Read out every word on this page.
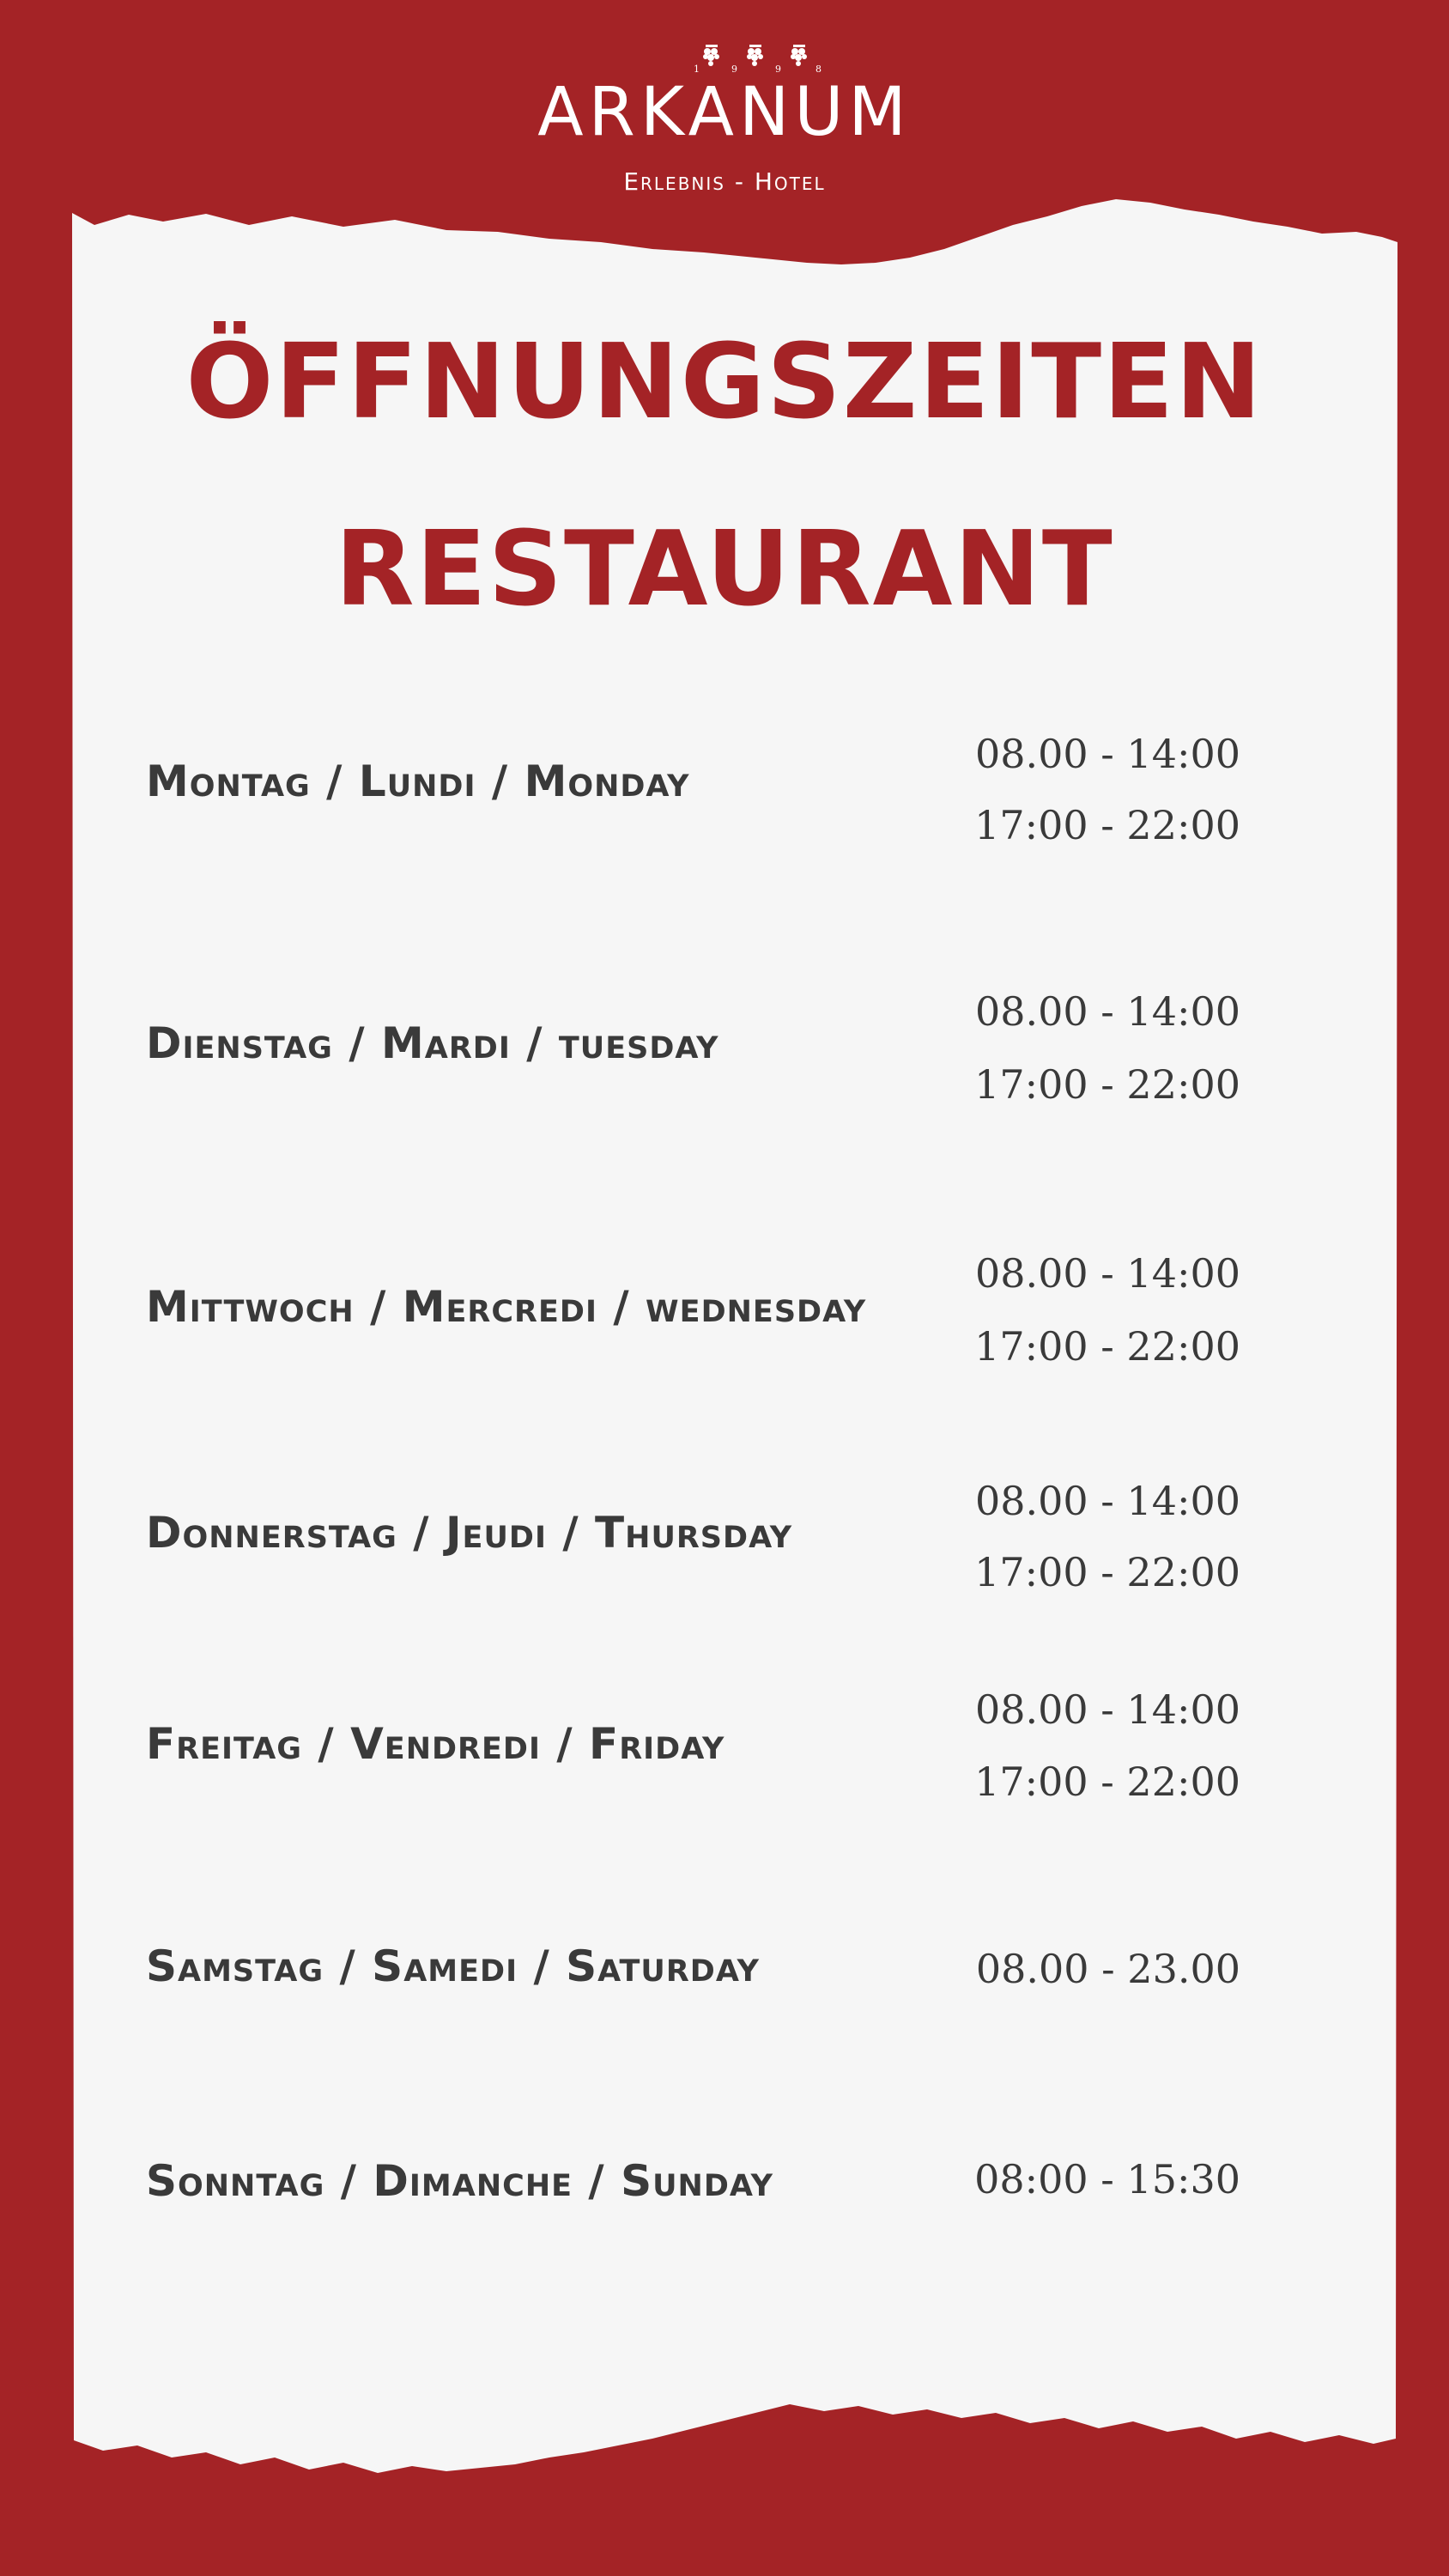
1	9	9	8
ARKANUM
Erlebnis - Hotel
ÖFFNUNGSZEITEN
RESTAURANT
Montag / Lundi / Monday
08.00 - 14:00
17:00 - 22:00
Dienstag / Mardi / tuesday
08.00 - 14:00
17:00 - 22:00
Mittwoch / Mercredi / wednesday
08.00 - 14:00
17:00 - 22:00
Donnerstag / Jeudi / Thursday
08.00 - 14:00
17:00 - 22:00
Freitag / Vendredi / Friday
08.00 - 14:00
17:00 - 22:00
Samstag / Samedi / Saturday	08.00 - 23.00
Sonntag / Dimanche / Sunday	08:00 - 15:30
